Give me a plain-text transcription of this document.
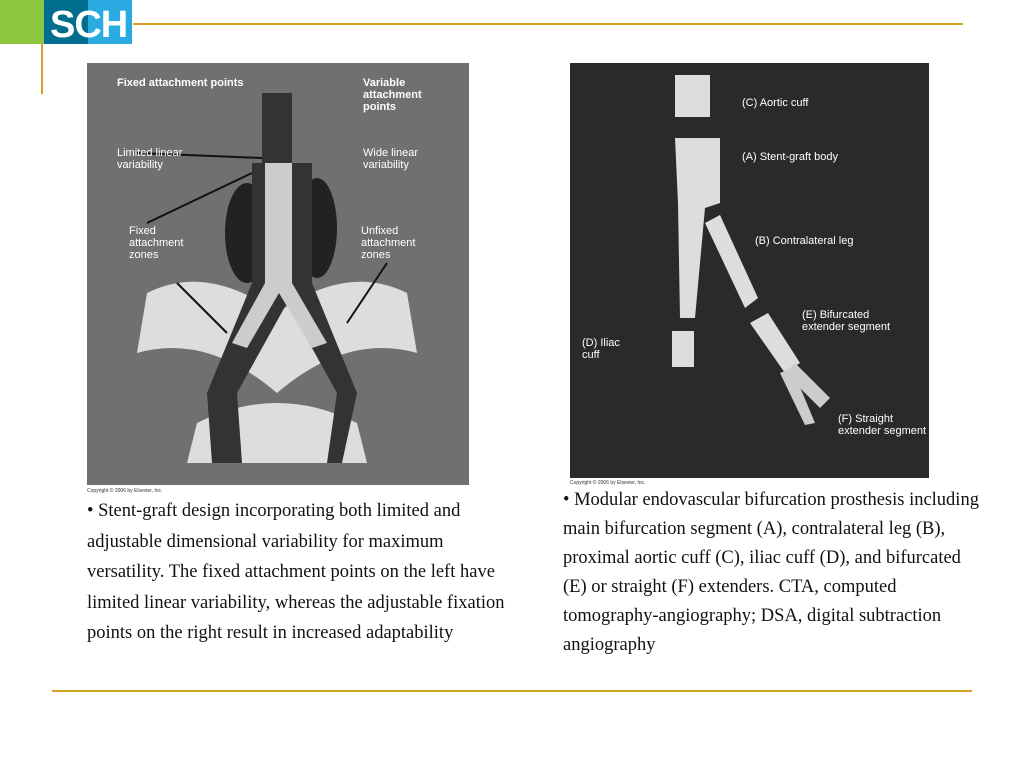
SCH
Fixed attachment points	Variable attachment points
Limited linear variability
Wide linear variability
Fixed attachment zones
Unfixed attachment zones
Copyright © 2006 by Elsevier, Inc.
• Stent-graft design incorporating both limited and adjustable dimensional variability for maximum versatility. The fixed attachment points on the left have limited linear variability, whereas the adjustable fixation points on the right result in increased adaptability
(C) Aortic cuff
(A) Stent-graft body
(B) Contralateral leg
(E) Bifurcated extender segment
(D) Iliac cuff
(F) Straight extender segment
Copyright © 2006 by Elsevier, Inc.
• Modular endovascular bifurcation prosthesis including main bifurcation segment (A), contralateral leg (B), proximal aortic cuff (C), iliac cuff (D), and bifurcated (E) or straight (F) extenders. CTA, computed tomography-angiography; DSA, digital subtraction angiography
